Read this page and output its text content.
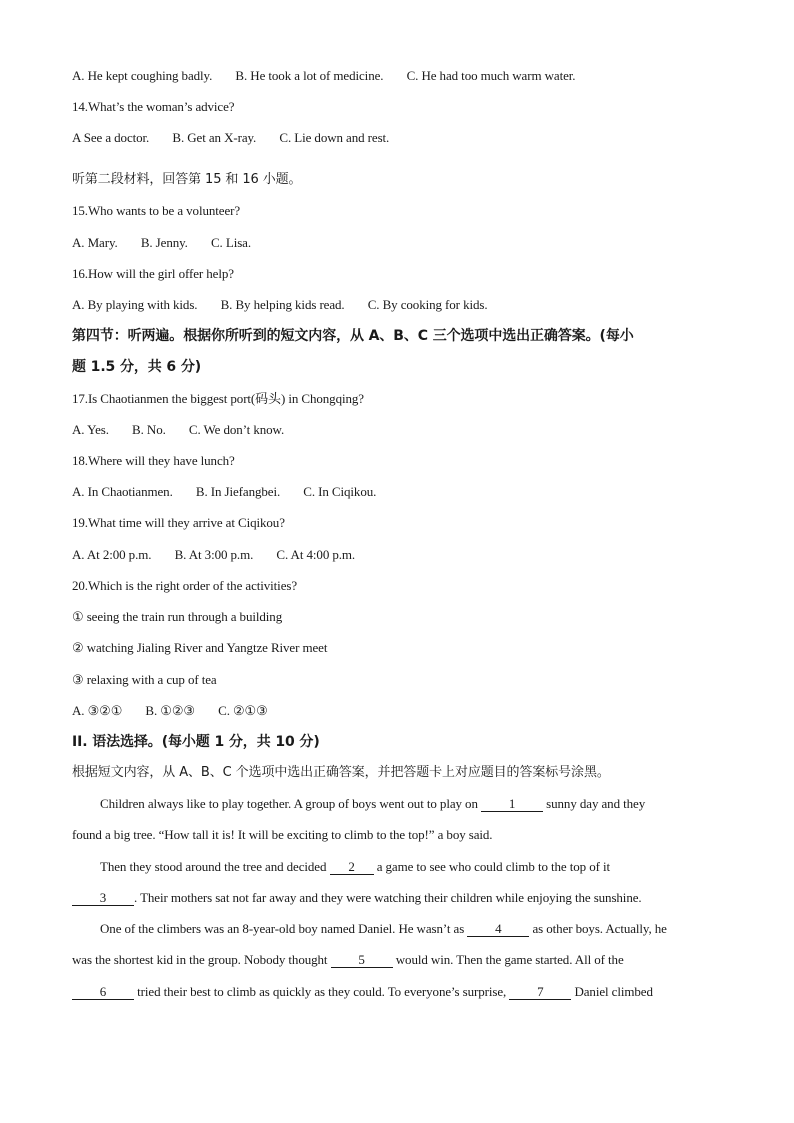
A. He kept coughing badly. B. He took a lot of medicine. C. He had too much warm water.
14.What’s the woman’s advice?
A See a doctor. B. Get an X-ray. C. Lie down and rest.
听第二段材料，回答第 15 和 16 小题。
15.Who wants to be a volunteer?
A. Mary. B. Jenny. C. Lisa.
16.How will the girl offer help?
A. By playing with kids. B. By helping kids read. C. By cooking for kids.
第四节：听两遍。根据你所听到的短文内容，从 A、B、C 三个选项中选出正确答案。(每小
题 1.5 分，共 6 分)
17.Is Chaotianmen the biggest port(码头) in Chongqing?
A. Yes. B. No. C. We don’t know.
18.Where will they have lunch?
A. In Chaotianmen. B. In Jiefangbei. C. In Ciqikou.
19.What time will they arrive at Ciqikou?
A. At 2:00 p.m. B. At 3:00 p.m. C. At 4:00 p.m.
20.Which is the right order of the activities?
① seeing the train run through a building
② watching Jialing River and Yangtze River meet
③ relaxing with a cup of tea
A. ③②① B. ①②③ C. ②①③
II. 语法选择。(每小题 1 分，共 10 分)
根据短文内容，从 A、B、C 个选项中选出正确答案，并把答题卡上对应题目的答案标号涂黑。
Children always like to play together. A group of boys went out to play on 1 sunny day and they
found a big tree. “How tall it is! It will be exciting to climb to the top!” a boy said.
Then they stood around the tree and decided 2 a game to see who could climb to the top of it
3 . Their mothers sat not far away and they were watching their children while enjoying the sunshine.
One of the climbers was an 8-year-old boy named Daniel. He wasn’t as 4 as other boys. Actually, he
was the shortest kid in the group. Nobody thought 5 would win. Then the game started. All of the
6 tried their best to climb as quickly as they could. To everyone’s surprise, 7 Daniel climbed
